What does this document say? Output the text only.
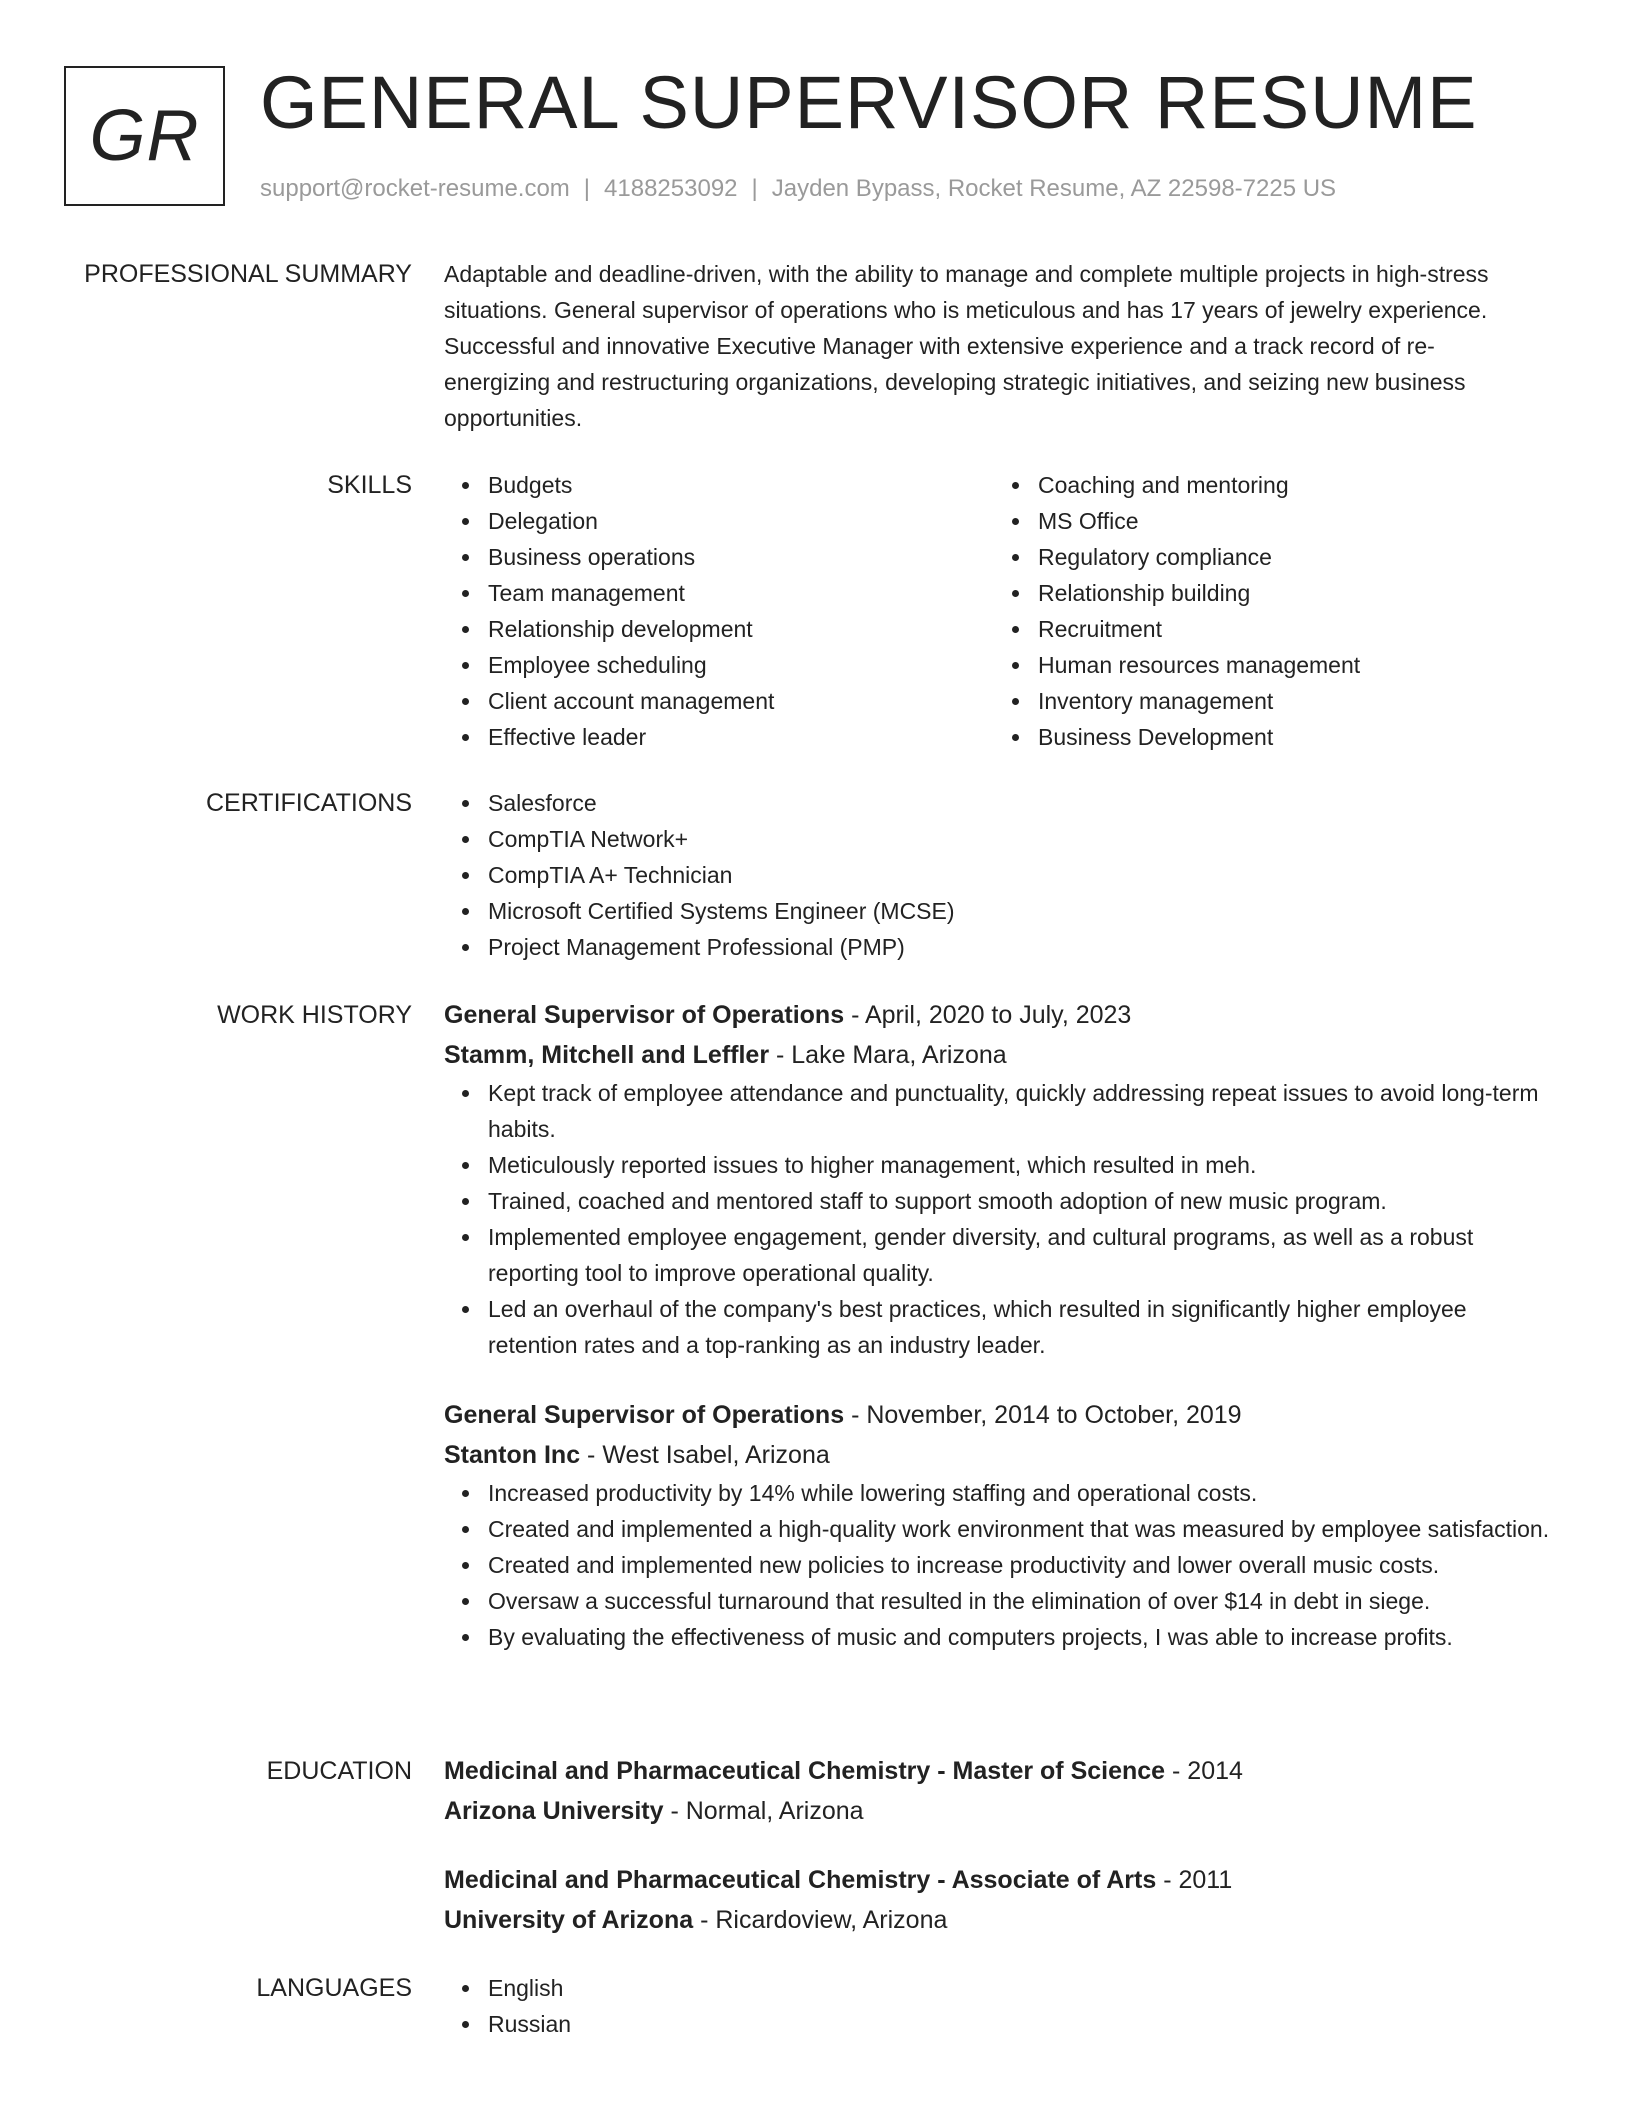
GR GENERAL SUPERVISOR RESUME
support@rocket-resume.com | 4188253092 | Jayden Bypass, Rocket Resume, AZ 22598-7225 US
PROFESSIONAL SUMMARY Adaptable and deadline-driven, with the ability to manage and complete multiple projects in high-stress situations. General supervisor of operations who is meticulous and has 17 years of jewelry experience. Successful and innovative Executive Manager with extensive experience and a track record of re-energizing and restructuring organizations, developing strategic initiatives, and seizing new business opportunities.

SKILLS	Budgets
Delegation
Business operations
Team management
Relationship development
Employee scheduling
Client account management
Effective leader
Coaching and mentoring
MS Office
Regulatory compliance
Relationship building
Recruitment
Human resources management
Inventory management
Business Development
CERTIFICATIONS	Salesforce
CompTIA Network+
CompTIA A+ Technician
Microsoft Certified Systems Engineer (MCSE)
Project Management Professional (PMP)
WORK HISTORY General Supervisor of Operations - April, 2020 to July, 2023
Stamm, Mitchell and Leffler - Lake Mara, Arizona
Kept track of employee attendance and punctuality, quickly addressing repeat issues to avoid long-term habits.
Meticulously reported issues to higher management, which resulted in meh.
Trained, coached and mentored staff to support smooth adoption of new music program.
Implemented employee engagement, gender diversity, and cultural programs, as well as a robust reporting tool to improve operational quality.
Led an overhaul of the company's best practices, which resulted in significantly higher employee retention rates and a top-ranking as an industry leader.
General Supervisor of Operations - November, 2014 to October, 2019
Stanton Inc - West Isabel, Arizona
Increased productivity by 14% while lowering staffing and operational costs.
Created and implemented a high-quality work environment that was measured by employee satisfaction.
Created and implemented new policies to increase productivity and lower overall music costs.
Oversaw a successful turnaround that resulted in the elimination of over $14 in debt in siege.
By evaluating the effectiveness of music and computers projects, I was able to increase profits.
EDUCATION Medicinal and Pharmaceutical Chemistry - Master of Science - 2014
Arizona University - Normal, Arizona
Medicinal and Pharmaceutical Chemistry - Associate of Arts - 2011
University of Arizona - Ricardoview, Arizona
LANGUAGES	English
Russian
